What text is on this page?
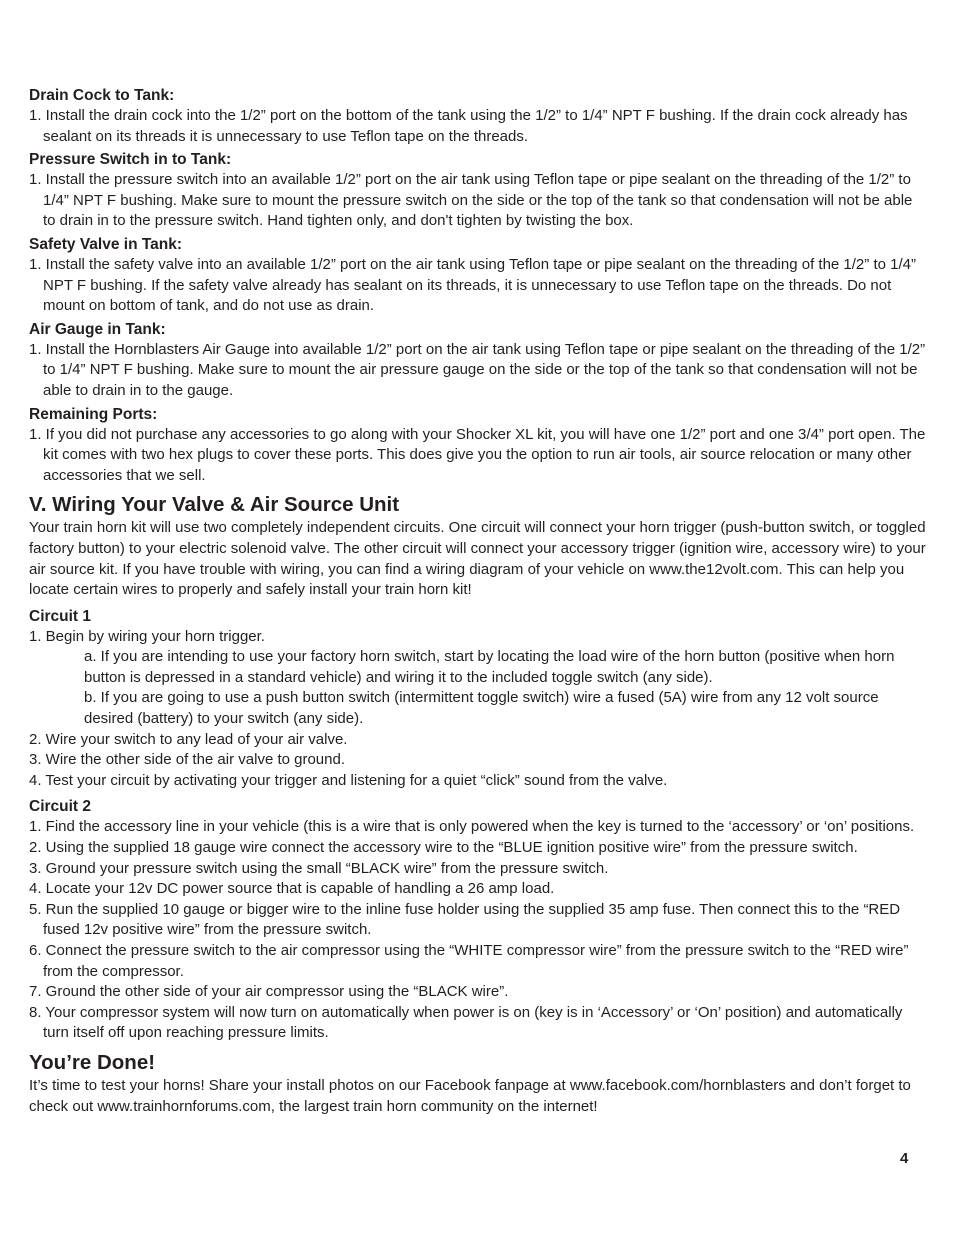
Drain Cock to Tank:

1. Install the drain cock into the 1/2” port on the bottom of the tank using the 1/2” to 1/4” NPT F bushing. If the drain cock already has sealant on its threads it is unnecessary to use Teflon tape on the threads.

Pressure Switch in to Tank:

1. Install the pressure switch into an available 1/2” port on the air tank using Teflon tape or pipe sealant on the threading of the 1/2” to 1/4” NPT F bushing. Make sure to mount the pressure switch on the side or the top of the tank so that condensation will not be able to drain in to the pressure switch. Hand tighten only, and don't tighten by twisting the box.

Safety Valve in Tank:

1. Install the safety valve into an available 1/2” port on the air tank using Teflon tape or pipe sealant on the threading of the 1/2” to 1/4” NPT F bushing. If the safety valve already has sealant on its threads, it is unnecessary to use Teflon tape on the threads. Do not mount on bottom of tank, and do not use as drain.

Air Gauge in Tank:

1. Install the Hornblasters Air Gauge into available 1/2” port on the air tank using Teflon tape or pipe sealant on the threading of the 1/2” to 1/4” NPT F bushing. Make sure to mount the air pressure gauge on the side or the top of the tank so that condensation will not be able to drain in to the gauge.

Remaining Ports:

1. If you did not purchase any accessories to go along with your Shocker XL kit, you will have one 1/2” port and one 3/4” port open. The kit comes with two hex plugs to cover these ports. This does give you the option to run air tools, air source relocation or many other accessories that we sell.

V. Wiring Your Valve & Air Source Unit

Your train horn kit will use two completely independent circuits. One circuit will connect your horn trigger (push-button switch, or toggled factory button) to your electric solenoid valve. The other circuit will connect your accessory trigger (ignition wire, accessory wire) to your air source kit. If you have trouble with wiring, you can find a wiring diagram of your vehicle on www.the12volt.com. This can help you locate certain wires to properly and safely install your train horn kit!

Circuit 1

1. Begin by wiring your horn trigger.

a. If you are intending to use your factory horn switch, start by locating the load wire of the horn button (positive when horn button is depressed in a standard vehicle) and wiring it to the included toggle switch (any side).

b. If you are going to use a push button switch (intermittent toggle switch) wire a fused (5A) wire from any 12 volt source desired (battery) to your switch (any side).

2. Wire your switch to any lead of your air valve.

3. Wire the other side of the air valve to ground.

4. Test your circuit by activating your trigger and listening for a quiet “click” sound from the valve.

Circuit 2

1. Find the accessory line in your vehicle (this is a wire that is only powered when the key is turned to the ‘accessory’ or ‘on’ positions.

2. Using the supplied 18 gauge wire connect the accessory wire to the “BLUE ignition positive wire” from the pressure switch.

3. Ground your pressure switch using the small “BLACK wire” from the pressure switch.

4. Locate your 12v DC power source that is capable of handling a 26 amp load.

5. Run the supplied 10 gauge or bigger wire to the inline fuse holder using the supplied 35 amp fuse. Then connect this to the “RED fused 12v positive wire” from the pressure switch.

6. Connect the pressure switch to the air compressor using the “WHITE compressor wire” from the pressure switch to the “RED wire” from the compressor.

7. Ground the other side of your air compressor using the “BLACK wire”.

8. Your compressor system will now turn on automatically when power is on (key is in ‘Accessory’ or ‘On’ position) and automatically turn itself off upon reaching pressure limits.

You’re Done!

It’s time to test your horns! Share your install photos on our Facebook fanpage at www.facebook.com/hornblasters and don’t forget to check out www.trainhornforums.com, the largest train horn community on the internet!

4
